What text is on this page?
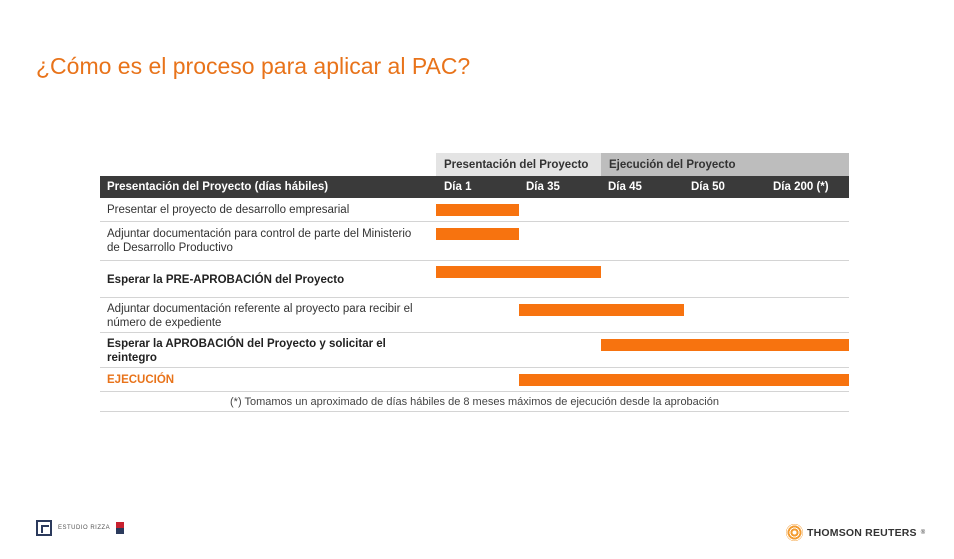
¿Cómo es el proceso para aplicar al PAC?
Presentación del Proyecto	Ejecución del Proyecto
Presentación del Proyecto (días hábiles)	Día 1	Día 35	Día 45	Día 50	Día 200 (*)
Presentar el proyecto de desarrollo empresarial
Adjuntar documentación para control de parte del Ministerio de Desarrollo Productivo
Esperar la PRE-APROBACIÓN del Proyecto
Adjuntar documentación referente al proyecto para recibir el número de expediente
Esperar la APROBACIÓN del Proyecto y solicitar el reintegro
EJECUCIÓN
(*) Tomamos un aproximado de días hábiles de 8 meses máximos de ejecución desde la aprobación
ESTUDIO RIZZA	THOMSON REUTERS ®
